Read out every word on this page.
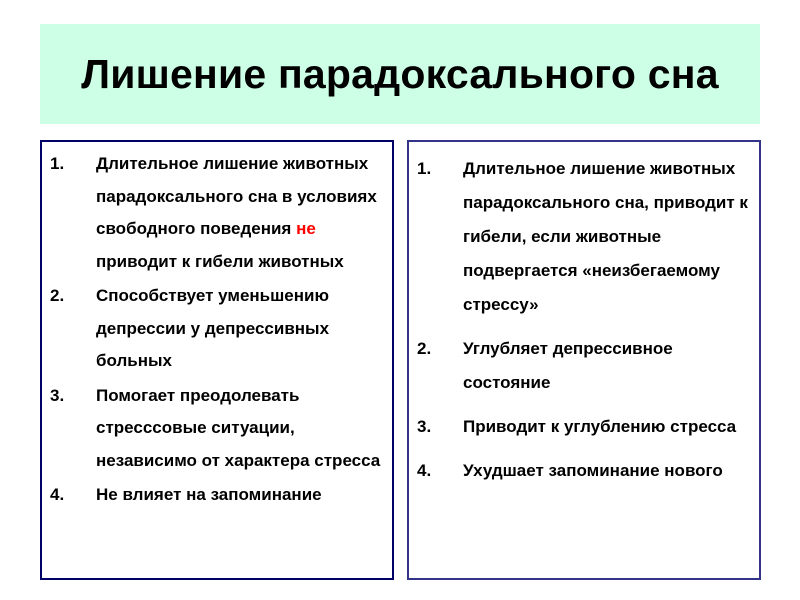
Лишение парадоксального сна
1.	Длительное лишение животных парадоксального сна в условиях свободного поведения не приводит к гибели животных
2.	Способствует уменьшению депрессии у депрессивных больных
3.	Помогает преодолевать стресссовые ситуации, независимо от характера стресса
4.	Не влияет на запоминание
1.	Длительное лишение животных парадоксального сна, приводит к гибели, если животные подвергается «неизбегаемому стрессу»
2.	Углубляет депрессивное состояние
3.	Приводит к углублению стресса
4.	Ухудшает запоминание нового
